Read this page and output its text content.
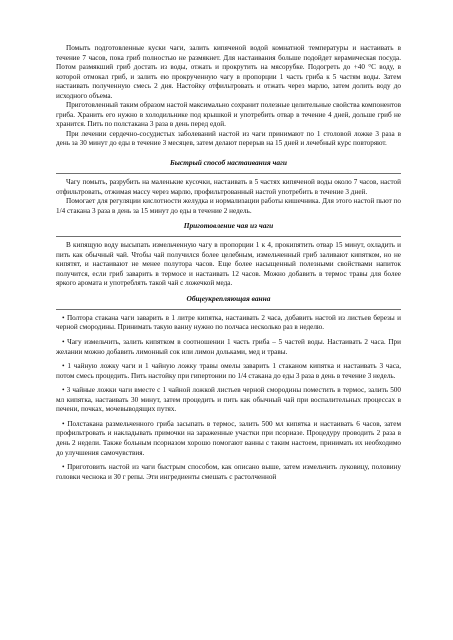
Помыть подготовленные куски чаги, залить кипяченой водой комнатной температуры и настаивать в течение 7 часов, пока гриб полностью не размякнет. Для настаивания больше подойдет керамическая посуда. Потом размякший гриб достать из воды, отжать и прокрутить на мясорубке. Подогреть до +40 °С воду, в которой отмокал гриб, и залить ею прокрученную чагу в пропорции 1 часть гриба к 5 частям воды. Затем настаивать полученную смесь 2 дня. Настойку отфильтровать и отжать через марлю, затем долить воду до исходного объема.

Приготовленный таким образом настой максимально сохранит полезные целительные свойства компонентов гриба. Хранить его нужно в холодильнике под крышкой и употребить отвар в течение 4 дней, дольше гриб не хранится. Пить по полстакана 3 раза в день перед едой.

При лечении сердечно-сосудистых заболеваний настой из чаги принимают по 1 столовой ложке 3 раза в день за 30 минут до еды в течение 3 месяцев, затем делают перерыв на 15 дней и лечебный курс повторяют.

Быстрый способ настаивания чаги

Чагу помыть, разрубить на маленькие кусочки, настаивать в 5 частях кипяченой воды около 7 часов, настой отфильтровать, отжимая массу через марлю, профильтрованный настой употребить в течение 3 дней.

Помогает для регуляции кислотности желудка и нормализации работы кишечника. Для этого настой пьют по 1/4 стакана 3 раза в день за 15 минут до еды в течение 2 недель.

Приготовление чая из чаги

В кипящую воду высыпать измельченную чагу в пропорции 1 к 4, прокипятить отвар 15 минут, охладить и пить как обычный чай. Чтобы чай получился более целебным, измельченный гриб заливают кипятком, но не кипятят, и настаивают не менее полутора часов. Еще более насыщенный полезными свойствами напиток получится, если гриб заварить в термосе и настаивать 12 часов. Можно добавить в термос травы для более яркого аромата и употреблять такой чай с ложечкой меда.

Общеукрепляющая ванна

• Полтора стакана чаги заварить в 1 литре кипятка, настаивать 2 часа, добавить настой из листьев березы и черной смородины. Принимать такую ванну нужно по полчаса несколько раз в неделю.

• Чагу измельчить, залить кипятком в соотношении 1 часть гриба – 5 частей воды. Настаивать 2 часа. При желании можно добавить лимонный сок или лимон дольками, мед и травы.

• 1 чайную ложку чаги и 1 чайную ложку травы омелы заварить 1 стаканом кипятка и настаивать 3 часа, потом смесь процедить. Пить настойку при гипертонии по 1/4 стакана до еды 3 раза в день в течение 3 недель.

• 3 чайные ложки чаги вместе с 1 чайной ложкой листьев черной смородины поместить в термос, залить 500 мл кипятка, настаивать 30 минут, затем процедить и пить как обычный чай при воспалительных процессах в печени, почках, мочевыводящих путях.

• Полстакана размельченного гриба засыпать в термос, залить 500 мл кипятка и настаивать 6 часов, затем профильтровать и накладывать примочки на зараженные участки при псориазе. Процедуру проводить 2 раза в день 2 недели. Также больным псориазом хорошо помогают ванны с таким настоем, принимать их необходимо до улучшения самочувствия.

• Приготовить настой из чаги быстрым способом, как описано выше, затем измельчить луковицу, половину головки чеснока и 30 г репы. Эти ингредиенты смешать с растолченной
